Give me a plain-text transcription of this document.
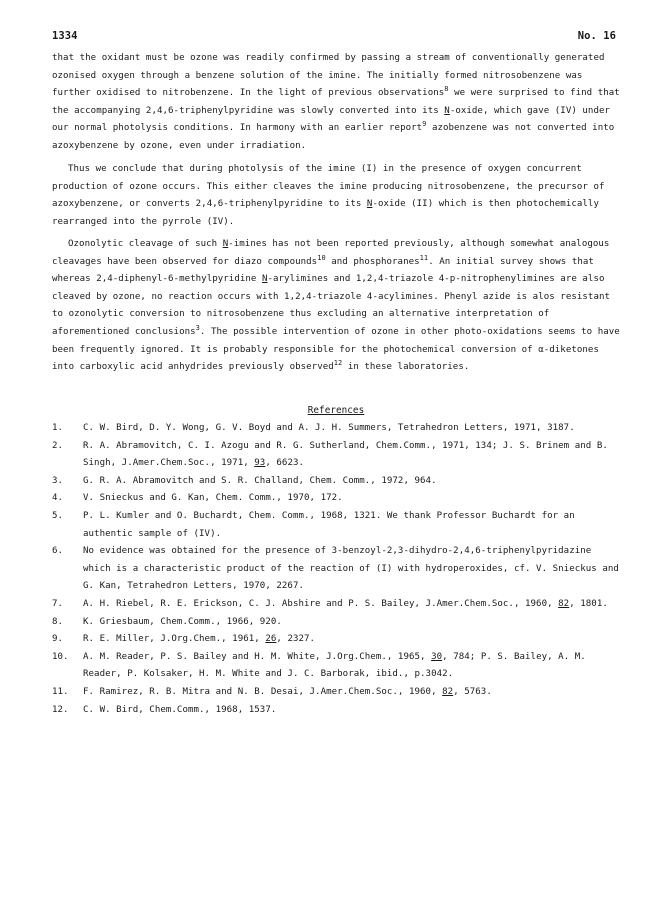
1334	No. 16

that the oxidant must be ozone was readily confirmed by passing a stream of conventionally generated ozonised oxygen through a benzene solution of the imine. The initially formed nitrosobenzene was further oxidised to nitrobenzene. In the light of previous observations$^8$ we were surprised to find that the accompanying 2,4,6-triphenylpyridine was slowly converted into its N-oxide, which gave (IV) under our normal photolysis conditions. In harmony with an earlier report$^9$ azobenzene was not converted into azoxybenzene by ozone, even under irradiation.

Thus we conclude that during photolysis of the imine (I) in the presence of oxygen concurrent production of ozone occurs. This either cleaves the imine producing nitrosobenzene, the precursor of azoxybenzene, or converts 2,4,6-triphenylpyridine to its N-oxide (II) which is then photochemically rearranged into the pyrrole (IV).

Ozonolytic cleavage of such N-imines has not been reported previously, although somewhat analogous cleavages have been observed for diazo compounds$^{10}$ and phosphoranes$^{11}$. An initial survey shows that whereas 2,4-diphenyl-6-methylpyridine N-arylimines and 1,2,4-triazole 4-p-nitrophenylimines are also cleaved by ozone, no reaction occurs with 1,2,4-triazole 4-acylimines. Phenyl azide is alos resistant to ozonolytic conversion to nitrosobenzene thus excluding an alternative interpretation of aforementioned conclusions$^3$. The possible intervention of ozone in other photo-oxidations seems to have been frequently ignored. It is probably responsible for the photochemical conversion of α-diketones into carboxylic acid anhydrides previously observed$^{12}$ in these laboratories.

References
1. C. W. Bird, D. Y. Wong, G. V. Boyd and A. J. H. Summers, Tetrahedron Letters, 1971, 3187.
2. R. A. Abramovitch, C. I. Azogu and R. G. Sutherland, Chem.Comm., 1971, 134; J. S. Brinem and B. Singh, J.Amer.Chem.Soc., 1971, 93, 6623.
3. G. R. A. Abramovitch and S. R. Challand, Chem. Comm., 1972, 964.
4. V. Snieckus and G. Kan, Chem. Comm., 1970, 172.
5. P. L. Kumler and O. Buchardt, Chem. Comm., 1968, 1321. We thank Professor Buchardt for an authentic sample of (IV).
6. No evidence was obtained for the presence of 3-benzoyl-2,3-dihydro-2,4,6-triphenylpyridazine which is a characteristic product of the reaction of (I) with hydroperoxides, cf. V. Snieckus and G. Kan, Tetrahedron Letters, 1970, 2267.
7. A. H. Riebel, R. E. Erickson, C. J. Abshire and P. S. Bailey, J.Amer.Chem.Soc., 1960, 82, 1801.
8. K. Griesbaum, Chem.Comm., 1966, 920.
9. R. E. Miller, J.Org.Chem., 1961, 26, 2327.
10. A. M. Reader, P. S. Bailey and H. M. White, J.Org.Chem., 1965, 30, 784; P. S. Bailey, A. M. Reader, P. Kolsaker, H. M. White and J. C. Barborak, ibid., p.3042.
11. F. Ramirez, R. B. Mitra and N. B. Desai, J.Amer.Chem.Soc., 1960, 82, 5763.
12. C. W. Bird, Chem.Comm., 1968, 1537.
